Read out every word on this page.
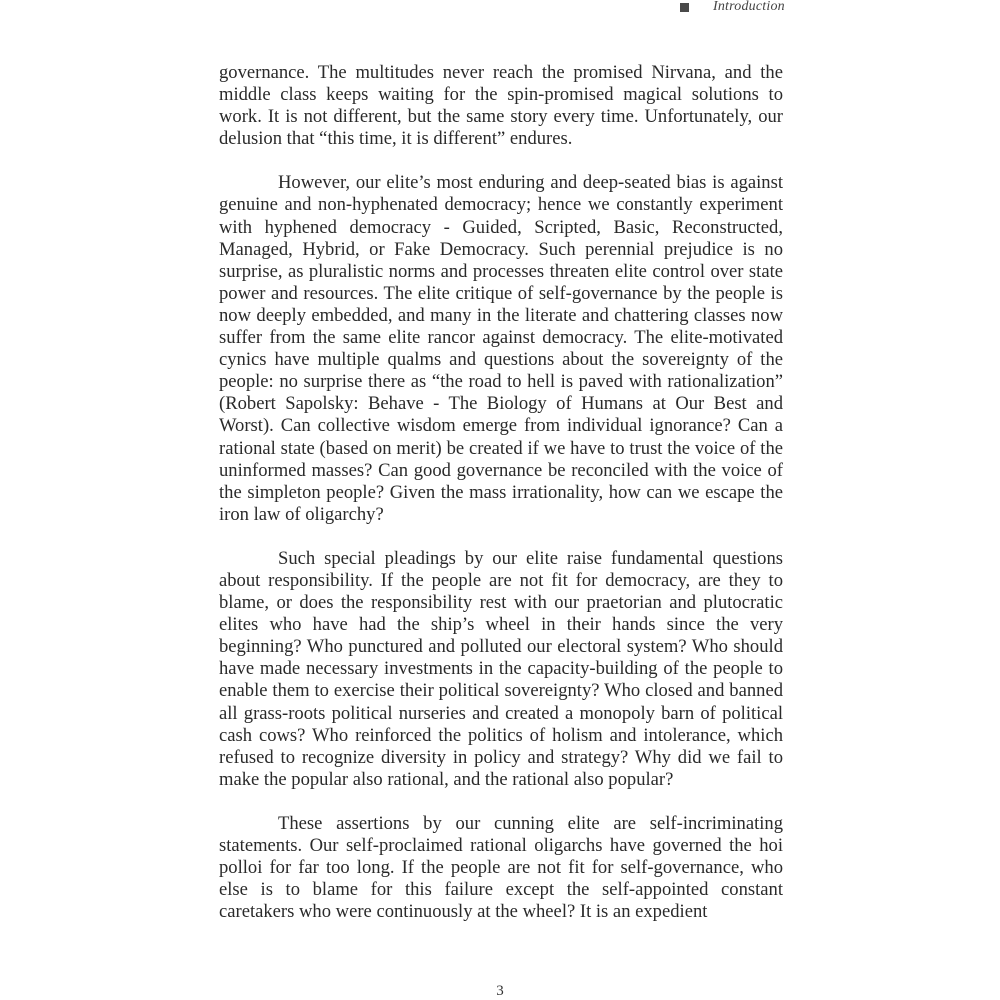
Introduction

governance. The multitudes never reach the promised Nirvana, and the middle class keeps waiting for the spin-promised magical solutions to work. It is not different, but the same story every time. Unfortunately, our delusion that “this time, it is different” endures.

However, our elite’s most enduring and deep-seated bias is against genuine and non-hyphenated democracy; hence we constantly experiment with hyphened democracy - Guided, Scripted, Basic, Reconstructed, Managed, Hybrid, or Fake Democracy. Such perennial prejudice is no surprise, as pluralistic norms and processes threaten elite control over state power and resources. The elite critique of self-governance by the people is now deeply embedded, and many in the literate and chattering classes now suffer from the same elite rancor against democracy. The elite-motivated cynics have multiple qualms and questions about the sovereignty of the people: no surprise there as “the road to hell is paved with rationalization” (Robert Sapolsky: Behave - The Biology of Humans at Our Best and Worst). Can collective wisdom emerge from individual ignorance? Can a rational state (based on merit) be created if we have to trust the voice of the uninformed masses? Can good governance be reconciled with the voice of the simpleton people? Given the mass irrationality, how can we escape the iron law of oligarchy?

Such special pleadings by our elite raise fundamental questions about responsibility. If the people are not fit for democracy, are they to blame, or does the responsibility rest with our praetorian and plutocratic elites who have had the ship’s wheel in their hands since the very beginning? Who punctured and polluted our electoral system? Who should have made necessary investments in the capacity-building of the people to enable them to exercise their political sovereignty? Who closed and banned all grass-roots political nurseries and created a monopoly barn of political cash cows? Who reinforced the politics of holism and intolerance, which refused to recognize diversity in policy and strategy? Why did we fail to make the popular also rational, and the rational also popular?

These assertions by our cunning elite are self-incriminating statements. Our self-proclaimed rational oligarchs have governed the hoi polloi for far too long. If the people are not fit for self-governance, who else is to blame for this failure except the self-appointed constant caretakers who were continuously at the wheel? It is an expedient

3
